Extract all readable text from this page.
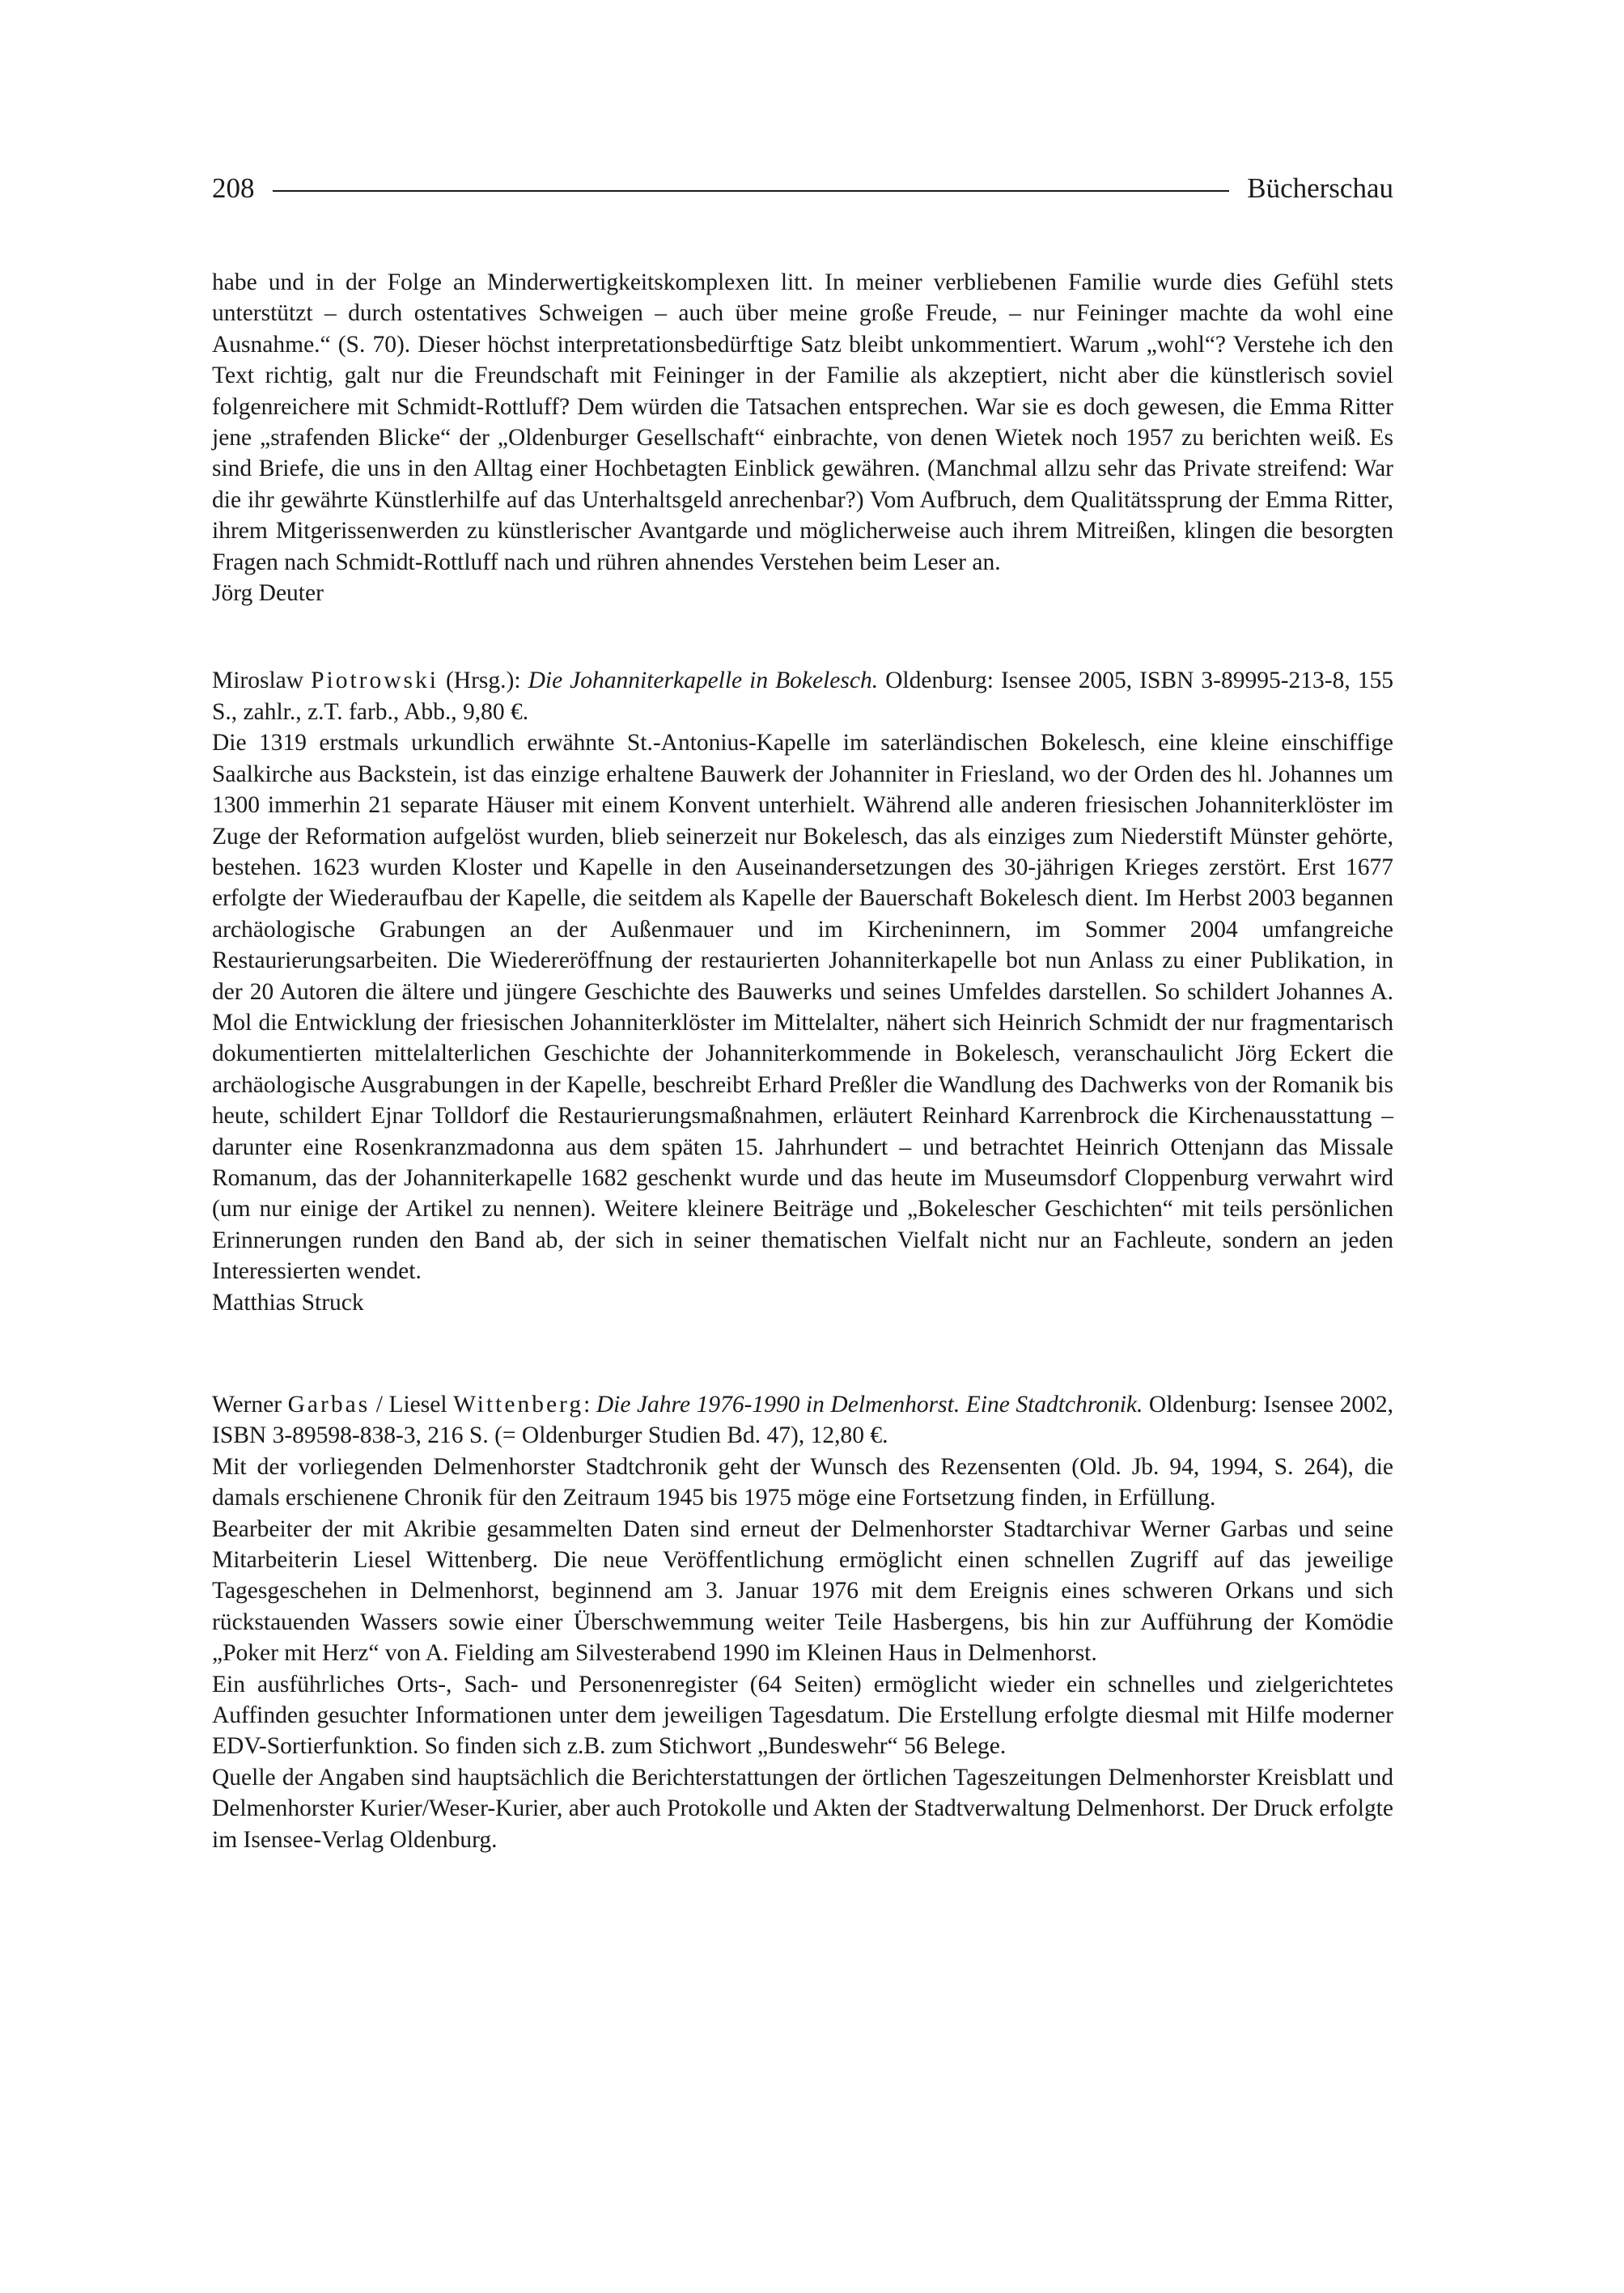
208	Bücherschau

habe und in der Folge an Minderwertigkeitskomplexen litt. In meiner verbliebenen Familie wurde dies Gefühl stets unterstützt – durch ostentatives Schweigen – auch über meine große Freude, – nur Feininger machte da wohl eine Ausnahme.“ (S. 70). Dieser höchst interpretationsbedürftige Satz bleibt unkommentiert. Warum „wohl“? Verstehe ich den Text richtig, galt nur die Freundschaft mit Feininger in der Familie als akzeptiert, nicht aber die künstlerisch soviel folgenreichere mit Schmidt-Rottluff? Dem würden die Tatsachen entsprechen. War sie es doch gewesen, die Emma Ritter jene „strafenden Blicke“ der „Oldenburger Gesellschaft“ einbrachte, von denen Wietek noch 1957 zu berichten weiß. Es sind Briefe, die uns in den Alltag einer Hochbetagten Einblick gewähren. (Manchmal allzu sehr das Private streifend: War die ihr gewährte Künstlerhilfe auf das Unterhaltsgeld anrechenbar?) Vom Aufbruch, dem Qualitätssprung der Emma Ritter, ihrem Mitgerissenwerden zu künstlerischer Avantgarde und möglicherweise auch ihrem Mitreißen, klingen die besorgten Fragen nach Schmidt-Rottluff nach und rühren ahnendes Verstehen beim Leser an.

Jörg Deuter

Miroslaw Piotrowski (Hrsg.): Die Johanniterkapelle in Bokelesch. Oldenburg: Isensee 2005, ISBN 3-89995-213-8, 155 S., zahlr., z.T. farb., Abb., 9,80 €.

Die 1319 erstmals urkundlich erwähnte St.-Antonius-Kapelle im saterländischen Bokelesch, eine kleine einschiffige Saalkirche aus Backstein, ist das einzige erhaltene Bauwerk der Johanniter in Friesland, wo der Orden des hl. Johannes um 1300 immerhin 21 separate Häuser mit einem Konvent unterhielt. Während alle anderen friesischen Johanniterklöster im Zuge der Reformation aufgelöst wurden, blieb seinerzeit nur Bokelesch, das als einziges zum Niederstift Münster gehörte, bestehen. 1623 wurden Kloster und Kapelle in den Auseinandersetzungen des 30-jährigen Krieges zerstört. Erst 1677 erfolgte der Wiederaufbau der Kapelle, die seitdem als Kapelle der Bauerschaft Bokelesch dient. Im Herbst 2003 begannen archäologische Grabungen an der Außenmauer und im Kircheninnern, im Sommer 2004 umfangreiche Restaurierungsarbeiten. Die Wiedereröffnung der restaurierten Johanniterkapelle bot nun Anlass zu einer Publikation, in der 20 Autoren die ältere und jüngere Geschichte des Bauwerks und seines Umfeldes darstellen. So schildert Johannes A. Mol die Entwicklung der friesischen Johanniterklöster im Mittelalter, nähert sich Heinrich Schmidt der nur fragmentarisch dokumentierten mittelalterlichen Geschichte der Johanniterkommende in Bokelesch, veranschaulicht Jörg Eckert die archäologische Ausgrabungen in der Kapelle, beschreibt Erhard Preßler die Wandlung des Dachwerks von der Romanik bis heute, schildert Ejnar Tolldorf die Restaurierungsmaßnahmen, erläutert Reinhard Karrenbrock die Kirchenausstattung – darunter eine Rosenkranzmadonna aus dem späten 15. Jahrhundert – und betrachtet Heinrich Ottenjann das Missale Romanum, das der Johanniterkapelle 1682 geschenkt wurde und das heute im Museumsdorf Cloppenburg verwahrt wird (um nur einige der Artikel zu nennen). Weitere kleinere Beiträge und „Bokelescher Geschichten“ mit teils persönlichen Erinnerungen runden den Band ab, der sich in seiner thematischen Vielfalt nicht nur an Fachleute, sondern an jeden Interessierten wendet.

Matthias Struck

Werner Garbas / Liesel Wittenberg: Die Jahre 1976-1990 in Delmenhorst. Eine Stadtchronik. Oldenburg: Isensee 2002, ISBN 3-89598-838-3, 216 S. (= Oldenburger Studien Bd. 47), 12,80 €.

Mit der vorliegenden Delmenhorster Stadtchronik geht der Wunsch des Rezensenten (Old. Jb. 94, 1994, S. 264), die damals erschienene Chronik für den Zeitraum 1945 bis 1975 möge eine Fortsetzung finden, in Erfüllung.

Bearbeiter der mit Akribie gesammelten Daten sind erneut der Delmenhorster Stadtarchivar Werner Garbas und seine Mitarbeiterin Liesel Wittenberg. Die neue Veröffentlichung ermöglicht einen schnellen Zugriff auf das jeweilige Tagesgeschehen in Delmenhorst, beginnend am 3. Januar 1976 mit dem Ereignis eines schweren Orkans und sich rückstauenden Wassers sowie einer Überschwemmung weiter Teile Hasbergens, bis hin zur Aufführung der Komödie „Poker mit Herz“ von A. Fielding am Silvesterabend 1990 im Kleinen Haus in Delmenhorst.

Ein ausführliches Orts-, Sach- und Personenregister (64 Seiten) ermöglicht wieder ein schnelles und zielgerichtetes Auffinden gesuchter Informationen unter dem jeweiligen Tagesdatum. Die Erstellung erfolgte diesmal mit Hilfe moderner EDV-Sortierfunktion. So finden sich z.B. zum Stichwort „Bundeswehr“ 56 Belege.

Quelle der Angaben sind hauptsächlich die Berichterstattungen der örtlichen Tageszeitungen Delmenhorster Kreisblatt und Delmenhorster Kurier/Weser-Kurier, aber auch Protokolle und Akten der Stadtverwaltung Delmenhorst. Der Druck erfolgte im Isensee-Verlag Oldenburg.
